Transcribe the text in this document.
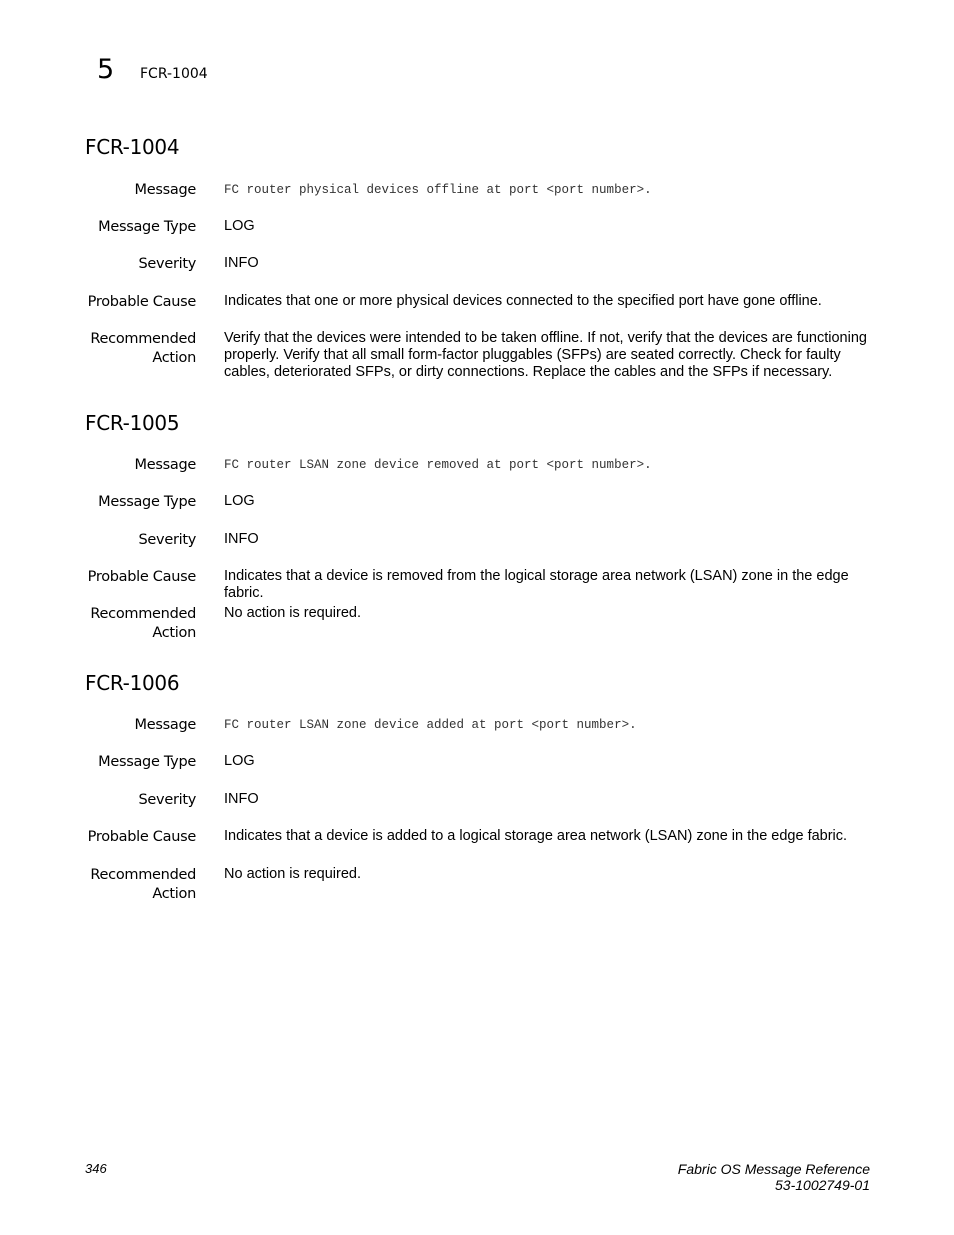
5 FCR-1004
FCR-1004
Message FC router physical devices offline at port <port number>.
Message Type LOG
Severity INFO
Probable Cause Indicates that one or more physical devices connected to the specified port have gone offline.
Recommended
Action
Verify that the devices were intended to be taken offline. If not, verify that the devices are functioning properly. Verify that all small form-factor pluggables (SFPs) are seated correctly. Check for faulty cables, deteriorated SFPs, or dirty connections. Replace the cables and the SFPs if necessary.
FCR-1005
Message FC router LSAN zone device removed at port <port number>.
Message Type LOG
Severity INFO
Probable Cause Indicates that a device is removed from the logical storage area network (LSAN) zone in the edge fabric.
Recommended
Action
No action is required.
FCR-1006
Message FC router LSAN zone device added at port <port number>.
Message Type LOG
Severity INFO
Probable Cause Indicates that a device is added to a logical storage area network (LSAN) zone in the edge fabric.
Recommended
Action
No action is required.
346	Fabric OS Message Reference
53-1002749-01
